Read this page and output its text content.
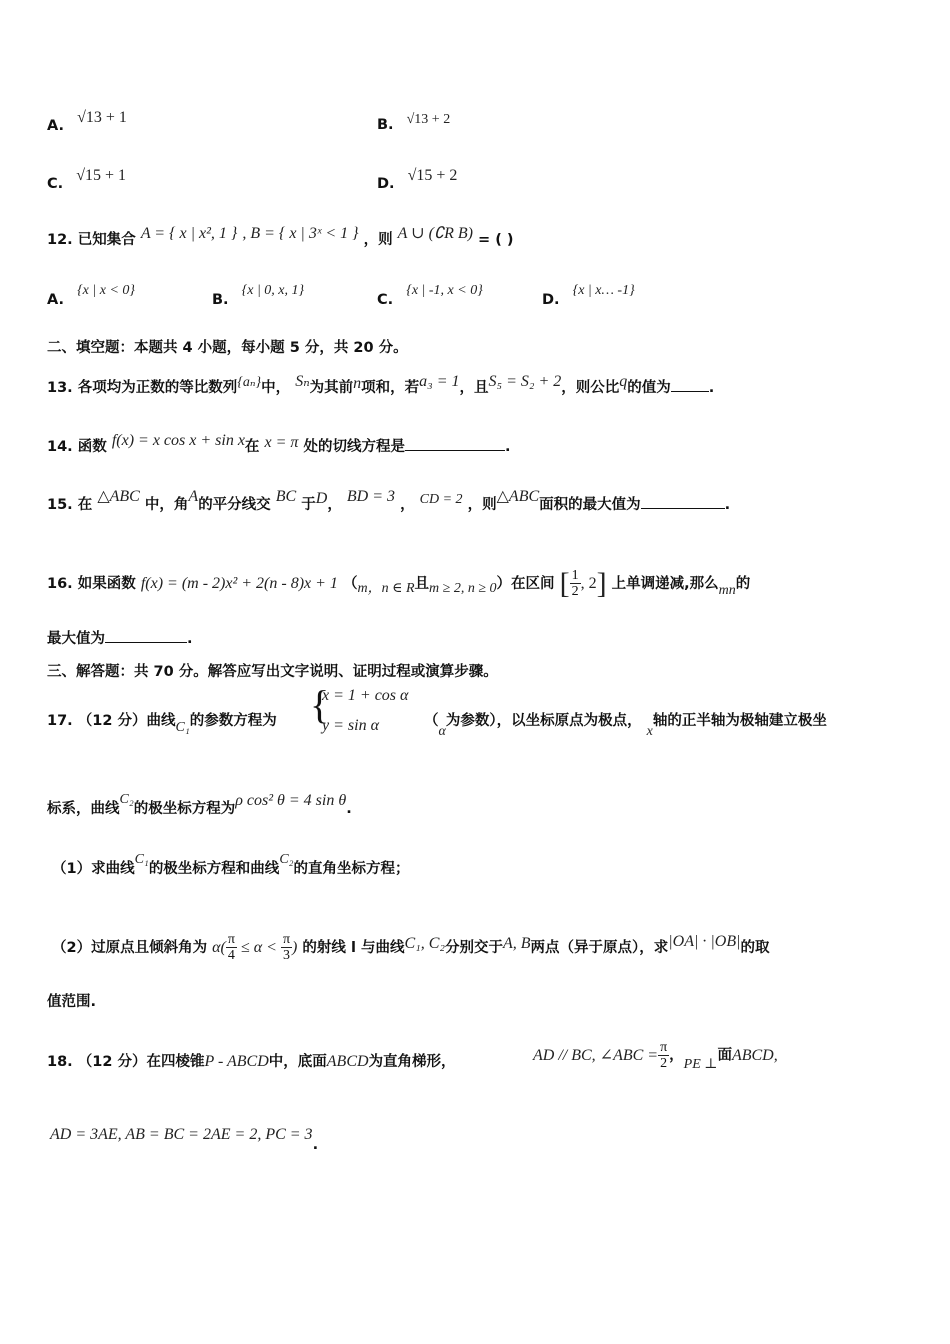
A. √13 + 1	B. √13 + 2
C. √15 + 1	D. √15 + 2
12. 已知集合 A = { x | x², 1 } , B = { x | 3ˣ < 1 } ，则 A ∪ (∁R B) = ( )
A. {x | x < 0}
B. {x | 0, x, 1}
C. {x | -1, x < 0}
D. {x | x… -1}
二、填空题：本题共 4 小题，每小题 5 分，共 20 分。
13. 各项均为正数的等比数列{aₙ}中， Sₙ为其前n项和，若a₃ = 1，且S₅ = S₂ + 2，则公比q的值为	.
14. 函数 f(x) = x cos x + sin x在 x = π 处的切线方程是	.
15. 在 △ABC 中，角A的平分线交 BC 于D， BD = 3 ， CD = 2 ，则△ABC面积的最大值为	.
16. 如果函数 f(x) = (m - 2)x² + 2(n - 8)x + 1 （m，n ∈ R且m ≥ 2, n ≥ 0）在区间 [ $\frac{1}{2}$ , 2] 上单调递减,那么mn的
最大值为	.
三、解答题：共 70 分。解答应写出文字说明、证明过程或演算步骤。
17. （12 分）曲线C₁的参数方程为 {
x = 1 + cos α
y = sin α	（α为参数），以坐标原点为极点， x轴的正半轴为极轴建立极坐
标系，曲线C₂的极坐标方程为ρ cos² θ = 4 sin θ.
（1）求曲线C₁的极坐标方程和曲线C₂的直角坐标方程；
（2）过原点且倾斜角为 $\alpha( \frac{\pi}{4} \le \alpha < \frac{\pi}{3}$ ) 的射线 l 与曲线C₁, C₂分别交于A, B两点（异于原点），求|OA| · |OB|的取
值范围.
18. （12 分）在四棱锥P - ABCD中，底面ABCD为直角梯形，	AD // BC, ∠ABC = $\frac{\pi}{2}$ ，PE ⊥面ABCD,
AD = 3AE, AB = BC = 2AE = 2, PC = 3.
